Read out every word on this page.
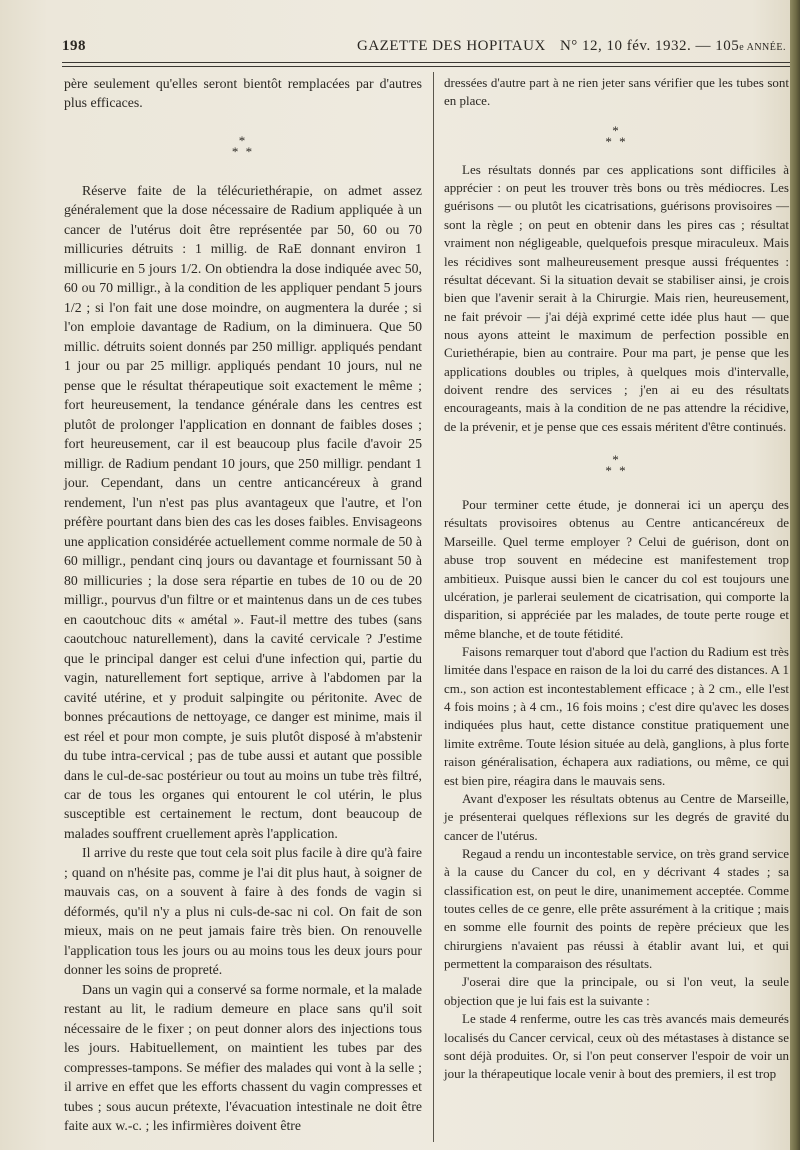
198	GAZETTE DES HOPITAUX N° 12, 10 fév. 1932. — 105e ANNÉE.

père seulement qu'elles seront bientôt remplacées par d'autres plus efficaces.

*
* *

Réserve faite de la télécuriethérapie, on admet assez généralement que la dose nécessaire de Radium appliquée à un cancer de l'utérus doit être représentée par 50, 60 ou 70 millicuries détruits : 1 millig. de RaE donnant environ 1 millicurie en 5 jours 1/2. On obtiendra la dose indiquée avec 50, 60 ou 70 milligr., à la condition de les appliquer pendant 5 jours 1/2 ; si l'on fait une dose moindre, on augmentera la durée ; si l'on emploie davantage de Radium, on la diminuera. Que 50 millic. détruits soient donnés par 250 milligr. appliqués pendant 1 jour ou par 25 milligr. appliqués pendant 10 jours, nul ne pense que le résultat thérapeutique soit exactement le même ; fort heureusement, la tendance générale dans les centres est plutôt de prolonger l'application en donnant de faibles doses ; fort heureusement, car il est beaucoup plus facile d'avoir 25 milligr. de Radium pendant 10 jours, que 250 milligr. pendant 1 jour. Cependant, dans un centre anticancéreux à grand rendement, l'un n'est pas plus avantageux que l'autre, et l'on préfère pourtant dans bien des cas les doses faibles. Envisageons une application considérée actuellement comme normale de 50 à 60 milligr., pendant cinq jours ou davantage et fournissant 50 à 80 millicuries ; la dose sera répartie en tubes de 10 ou de 20 milligr., pourvus d'un filtre or et maintenus dans un de ces tubes en caoutchouc dits « amétal ». Faut-il mettre des tubes (sans caoutchouc naturellement), dans la cavité cervicale ? J'estime que le principal danger est celui d'une infection qui, partie du vagin, naturellement fort septique, arrive à l'abdomen par la cavité utérine, et y produit salpingite ou péritonite. Avec de bonnes précautions de nettoyage, ce danger est minime, mais il est réel et pour mon compte, je suis plutôt disposé à m'abstenir du tube intra-cervical ; pas de tube aussi et autant que possible dans le cul-de-sac postérieur ou tout au moins un tube très filtré, car de tous les organes qui entourent le col utérin, le plus susceptible est certainement le rectum, dont beaucoup de malades souffrent cruellement après l'application.

Il arrive du reste que tout cela soit plus facile à dire qu'à faire ; quand on n'hésite pas, comme je l'ai dit plus haut, à soigner de mauvais cas, on a souvent à faire à des fonds de vagin si déformés, qu'il n'y a plus ni culs-de-sac ni col. On fait de son mieux, mais on ne peut jamais faire très bien. On renouvelle l'application tous les jours ou au moins tous les deux jours pour donner les soins de propreté.

Dans un vagin qui a conservé sa forme normale, et la malade restant au lit, le radium demeure en place sans qu'il soit nécessaire de le fixer ; on peut donner alors des injections tous les jours. Habituellement, on maintient les tubes par des compresses-tampons. Se méfier des malades qui vont à la selle ; il arrive en effet que les efforts chassent du vagin compresses et tubes ; sous aucun prétexte, l'évacuation intestinale ne doit être faite aux w.-c. ; les infirmières doivent être

dressées d'autre part à ne rien jeter sans vérifier que les tubes sont en place.

*
* *

Les résultats donnés par ces applications sont difficiles à apprécier : on peut les trouver très bons ou très médiocres. Les guérisons — ou plutôt les cicatrisations, guérisons provisoires — sont la règle ; on peut en obtenir dans les pires cas ; résultat vraiment non négligeable, quelquefois presque miraculeux. Mais les récidives sont malheureusement presque aussi fréquentes : résultat décevant. Si la situation devait se stabiliser ainsi, je crois bien que l'avenir serait à la Chirurgie. Mais rien, heureusement, ne fait prévoir — j'ai déjà exprimé cette idée plus haut — que nous ayons atteint le maximum de perfection possible en Curiethérapie, bien au contraire. Pour ma part, je pense que les applications doubles ou triples, à quelques mois d'intervalle, doivent rendre des services ; j'en ai eu des résultats encourageants, mais à la condition de ne pas attendre la récidive, de la prévenir, et je pense que ces essais méritent d'être continués.

*
* *

Pour terminer cette étude, je donnerai ici un aperçu des résultats provisoires obtenus au Centre anticancéreux de Marseille. Quel terme employer ? Celui de guérison, dont on abuse trop souvent en médecine est manifestement trop ambitieux. Puisque aussi bien le cancer du col est toujours une ulcération, je parlerai seulement de cicatrisation, qui comporte la disparition, si appréciée par les malades, de toute perte rouge et même blanche, et de toute fétidité.

Faisons remarquer tout d'abord que l'action du Radium est très limitée dans l'espace en raison de la loi du carré des distances. A 1 cm., son action est incontestablement efficace ; à 2 cm., elle l'est 4 fois moins ; à 4 cm., 16 fois moins ; c'est dire qu'avec les doses indiquées plus haut, cette distance constitue pratiquement une limite extrême. Toute lésion située au delà, ganglions, à plus forte raison généralisation, échapera aux radiations, ou même, ce qui est bien pire, réagira dans le mauvais sens.

Avant d'exposer les résultats obtenus au Centre de Marseille, je présenterai quelques réflexions sur les degrés de gravité du cancer de l'utérus.

Regaud a rendu un incontestable service, on très grand service à la cause du Cancer du col, en y décrivant 4 stades ; sa classification est, on peut le dire, unanimement acceptée. Comme toutes celles de ce genre, elle prête assurément à la critique ; mais en somme elle fournit des points de repère précieux que les chirurgiens n'avaient pas réussi à établir avant lui, et qui permettent la comparaison des résultats.

J'oserai dire que la principale, ou si l'on veut, la seule objection que je lui fais est la suivante :

Le stade 4 renferme, outre les cas très avancés mais demeurés localisés du Cancer cervical, ceux où des métastases à distance se sont déjà produites. Or, si l'on peut conserver l'espoir de voir un jour la thérapeutique locale venir à bout des premiers, il est trop
